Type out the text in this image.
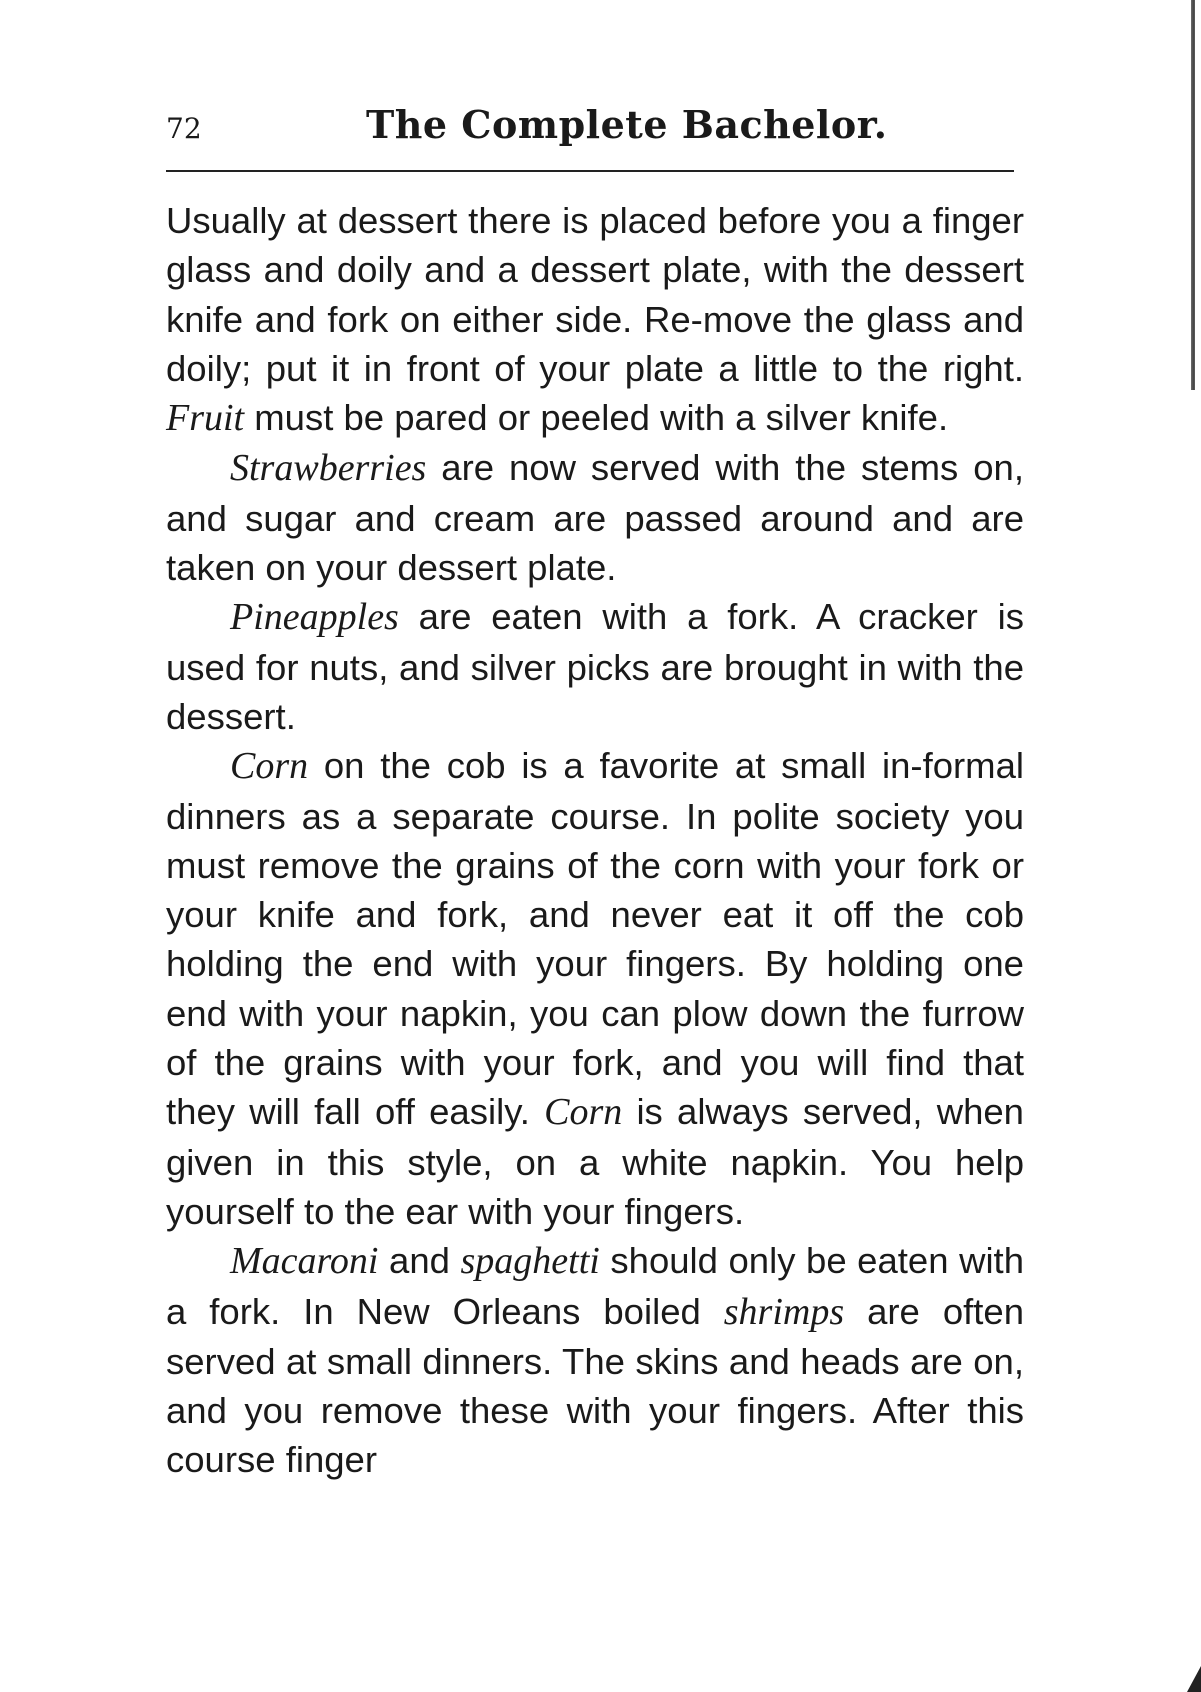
72	The Complete Bachelor.

Usually at dessert there is placed before you a finger glass and doily and a dessert plate, with the dessert knife and fork on either side. Re-move the glass and doily; put it in front of your plate a little to the right. Fruit must be pared or peeled with a silver knife.

Strawberries are now served with the stems on, and sugar and cream are passed around and are taken on your dessert plate.

Pineapples are eaten with a fork. A cracker is used for nuts, and silver picks are brought in with the dessert.

Corn on the cob is a favorite at small in-formal dinners as a separate course. In polite society you must remove the grains of the corn with your fork or your knife and fork, and never eat it off the cob holding the end with your fingers. By holding one end with your napkin, you can plow down the furrow of the grains with your fork, and you will find that they will fall off easily. Corn is always served, when given in this style, on a white napkin. You help yourself to the ear with your fingers.

Macaroni and spaghetti should only be eaten with a fork. In New Orleans boiled shrimps are often served at small dinners. The skins and heads are on, and you remove these with your fingers. After this course finger
